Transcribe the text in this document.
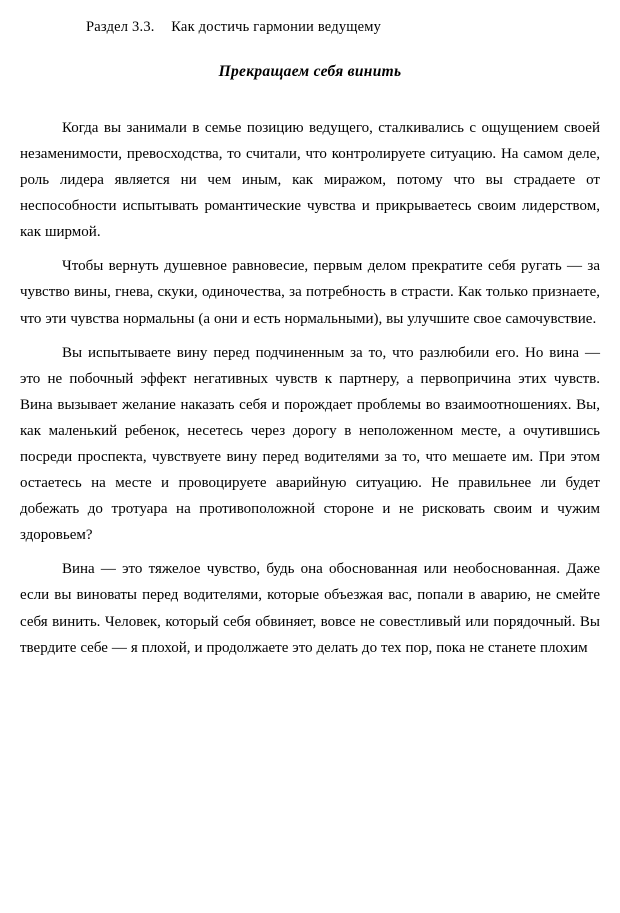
Раздел 3.3. Как достичь гармонии ведущему
Прекращаем себя винить

Когда вы занимали в семье позицию ведущего, сталкивались с ощущением своей незаменимости, превосходства, то считали, что контролируете ситуацию. На самом деле, роль лидера является ни чем иным, как миражом, потому что вы страдаете от неспособности испытывать романтические чувства и прикрываетесь своим лидерством, как ширмой.

Чтобы вернуть душевное равновесие, первым делом прекратите себя ругать — за чувство вины, гнева, скуки, одиночества, за потребность в страсти. Как только признаете, что эти чувства нормальны (а они и есть нормальными), вы улучшите свое самочувствие.

Вы испытываете вину перед подчиненным за то, что разлюбили его. Но вина — это не побочный эффект негативных чувств к партнеру, а первопричина этих чувств. Вина вызывает желание наказать себя и порождает проблемы во взаимоотношениях. Вы, как маленький ребенок, несетесь через дорогу в неположенном месте, а очутившись посреди проспекта, чувствуете вину перед водителями за то, что мешаете им. При этом остаетесь на месте и провоцируете аварийную ситуацию. Не правильнее ли будет добежать до тротуара на противоположной стороне и не рисковать своим и чужим здоровьем?

Вина — это тяжелое чувство, будь она обоснованная или необоснованная. Даже если вы виноваты перед водителями, которые объезжая вас, попали в аварию, не смейте себя винить. Человек, который себя обвиняет, вовсе не совестливый или порядочный. Вы твердите себе — я плохой, и продолжаете это делать до тех пор, пока не станете плохим
